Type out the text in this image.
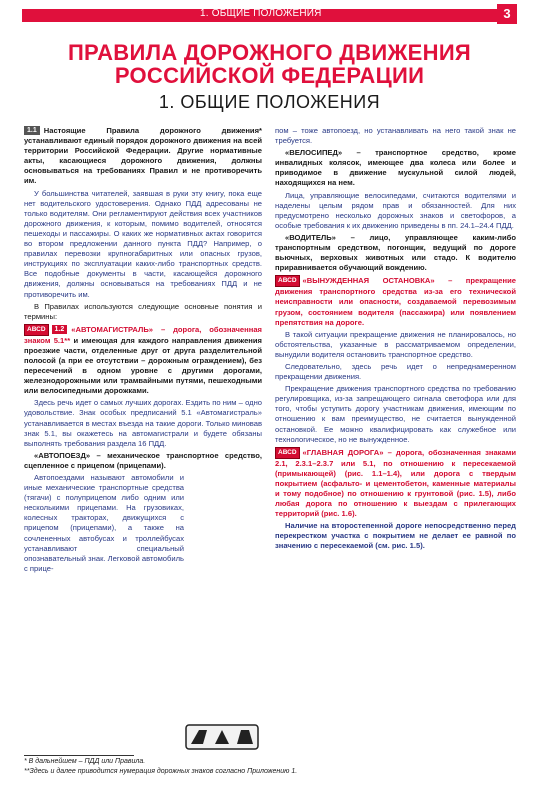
1. ОБЩИЕ ПОЛОЖЕНИЯ	3
ПРАВИЛА ДОРОЖНОГО ДВИЖЕНИЯ
РОССИЙСКОЙ ФЕДЕРАЦИИ
1. ОБЩИЕ ПОЛОЖЕНИЯ

1.1 Настоящие Правила дорожного движения* устанавливают единый порядок дорожного движения на всей территории Российской Федерации. Другие нормативные акты, касающиеся дорожного движения, должны основываться на требованиях Правил и не противоречить им.

У большинства читателей, заявшая в руки эту книгу, пока еще нет водительского удостоверения. Однако ПДД адресованы не только водителям. Они регламентируют действия всех участников дорожного движения, к которым, помимо водителей, относятся пешеходы и пассажиры. О каких же нормативных актах говорится во втором предложении данного пункта ПДД? Например, о правилах перевозки крупногабаритных или опасных грузов, инструкциях по эксплуатации каких-либо транспортных средств. Все подобные документы в части, касающейся дорожного движения, должны основываться на требованиях ПДД и не противоречить им.

В Правилах используются следующие основные понятия и термины:

АВСD 1.2 «АВТОМАГИСТРАЛЬ» – дорога, обозначенная знаком 5.1** и имеющая для каждого направления движения проезжие части, отделенные друг от друга разделительной полосой (а при ее отсутствии – дорожным ограждением), без пересечений в одном уровне с другими дорогами, железнодорожными или трамвайными путями, пешеходными или велосипедными дорожками.

Здесь речь идет о самых лучших дорогах. Ездить по ним – одно удовольствие. Знак особых предписаний 5.1 «Автомагистраль» устанавливается в местах въезда на такие дороги. Только миновав знак 5.1, вы окажетесь на автомагистрали и будете обязаны выполнять требования раздела 16 ПДД.

«АВТОПОЕЗД» – механическое транспортное средство, сцепленное с прицепом (прицепами).

Автопоездами называют автомобили и иные механические транспортные средства (тягачи) с полуприцепом либо одним или несколькими прицепами. На грузовиках, колесных тракторах, движущихся с прицепом (прицепами), а также на сочлененных автобусах и троллейбусах устанавливают специальный опознавательный знак. Легковой автомобиль с прице-

пом – тоже автопоезд, но устанавливать на него такой знак не требуется.

«ВЕЛОСИПЕД» – транспортное средство, кроме инвалидных колясок, имеющее два колеса или более и приводимое в движение мускульной силой людей, находящихся на нем.

Лица, управляющие велосипедами, считаются водителями и наделены целым рядом прав и обязанностей. Для них предусмотрено несколько дорожных знаков и светофоров, а особые требования к их движению приведены в пп. 24.1–24.4 ПДД.

«ВОДИТЕЛЬ» – лицо, управляющее каким-либо транспортным средством, погонщик, ведущий по дороге вьючных, верховых животных или стадо. К водителю приравнивается обучающий вождению.

АВСD «ВЫНУЖДЕННАЯ ОСТАНОВКА» – прекращение движения транспортного средства из-за его технической неисправности или опасности, создаваемой перевозимым грузом, состоянием водителя (пассажира) или появлением препятствия на дороге.

В такой ситуации прекращение движения не планировалось, но обстоятельства, указанные в рассматриваемом определении, вынудили водителя остановить транспортное средство.

Следовательно, здесь речь идет о непреднамеренном прекращении движения.

Прекращение движения транспортного средства по требованию регулировщика, из-за запрещающего сигнала светофора или для того, чтобы уступить дорогу участникам движения, имеющим по отношению к вам преимущество, не считается вынужденной остановкой. Ее можно квалифицировать как служебное или технологическое, но не вынужденное.

АВСD «ГЛАВНАЯ ДОРОГА» – дорога, обозначенная знаками 2.1, 2.3.1–2.3.7 или 5.1, по отношению к пересекаемой (примыкающей) (рис. 1.1–1.4), или дорога с твердым покрытием (асфальто- и цементобетон, каменные материалы и тому подобное) по отношению к грунтовой (рис. 1.5), либо любая дорога по отношению к выездам с прилегающих территорий (рис. 1.6).

Наличие на второстепенной дороге непосредственно перед перекрестком участка с покрытием не делает ее равной по значению с пересекаемой (см. рис. 1.5).

* В дальнейшем – ПДД или Правила.
**Здесь и далее приводится нумерация дорожных знаков согласно Приложению 1.
